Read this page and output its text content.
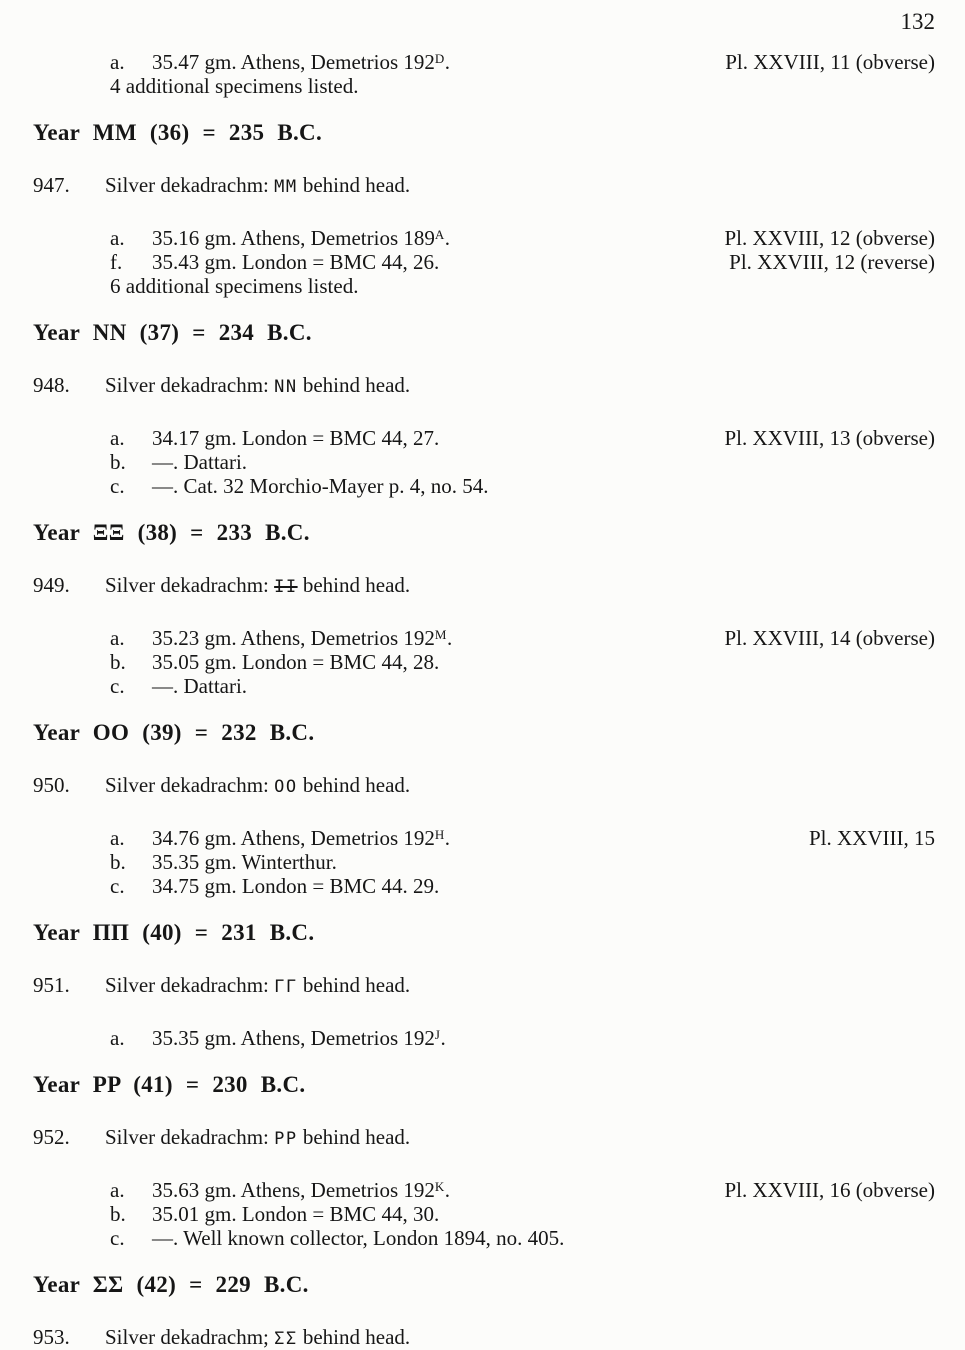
132
a.	35.47 gm. Athens, Demetrios $192^D$.	Pl. XXVIII, 11 (obverse)
4 additional specimens listed.
Year MM (36) = 235 B.C.
947.	Silver dekadrachm: MM behind head.
a.	35.16 gm. Athens, Demetrios $189^A$.	Pl. XXVIII, 12 (obverse)
f.	35.43 gm. London = BMC 44, 26.	Pl. XXVIII, 12 (reverse)
6 additional specimens listed.
Year NN (37) = 234 B.C.
948.	Silver dekadrachm: NN behind head.
a.	34.17 gm. London = BMC 44, 27.	Pl. XXVIII, 13 (obverse)
b.	—. Dattari.
c.	—. Cat. 32 Morchio-Mayer p. 4, no. 54.
Year ΞΞ (38) = 233 B.C.
949.	Silver dekadrachm: ΙΙ behind head.
a.	35.23 gm. Athens, Demetrios $192^M$.	Pl. XXVIII, 14 (obverse)
b.	35.05 gm. London = BMC 44, 28.
c.	—. Dattari.
Year OO (39) = 232 B.C.
950.	Silver dekadrachm: OO behind head.
a.	34.76 gm. Athens, Demetrios $192^H$.	Pl. XXVIII, 15
b.	35.35 gm. Winterthur.
c.	34.75 gm. London = BMC 44. 29.
Year ΠΠ (40) = 231 B.C.
951.	Silver dekadrachm: ΓΓ behind head.
a.	35.35 gm. Athens, Demetrios $192^J$.
Year PP (41) = 230 B.C.
952.	Silver dekadrachm: PP behind head.
a.	35.63 gm. Athens, Demetrios $192^K$.	Pl. XXVIII, 16 (obverse)
b.	35.01 gm. London = BMC 44, 30.
c.	—. Well known collector, London 1894, no. 405.
Year ΣΣ (42) = 229 B.C.
953.	Silver dekadrachm; ΣΣ behind head.
